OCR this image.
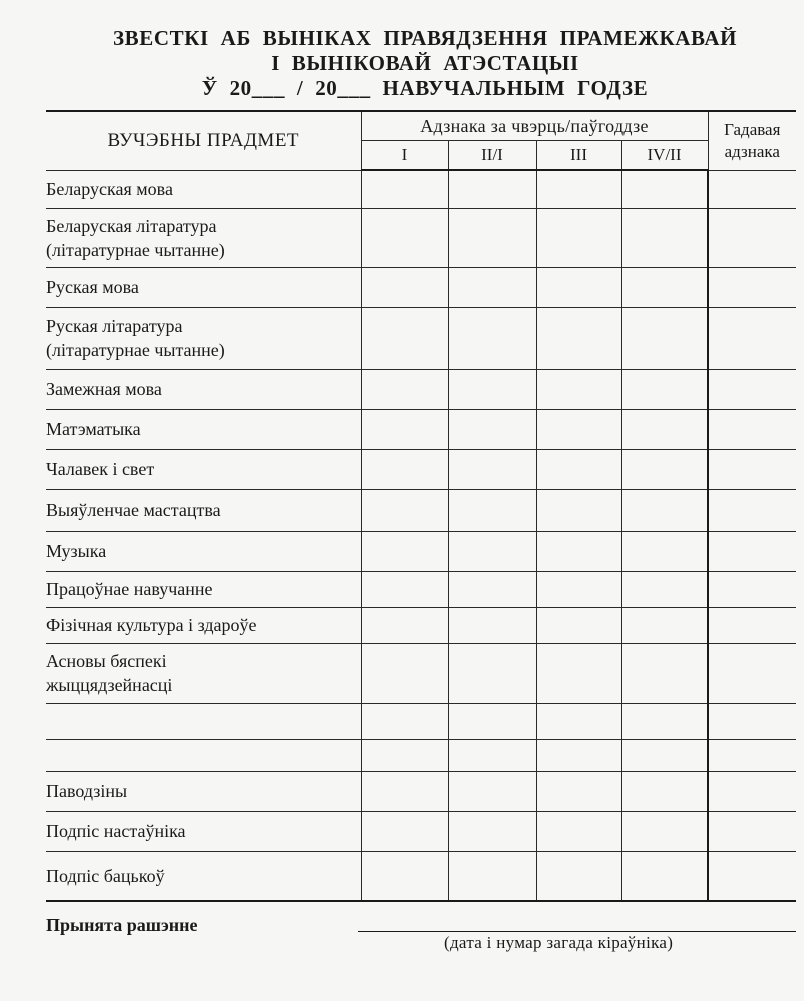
ЗВЕСТКІ АБ ВЫНІКАХ ПРАВЯДЗЕННЯ ПРАМЕЖКАВАЙ
І ВЫНІКОВАЙ АТЭСТАЦЫІ
Ў 20___ / 20___ НАВУЧАЛЬНЫМ ГОДЗЕ
ВУЧЭБНЫ ПРАДМЕТ	Адзнака за чвэрць/паўгоддзе				Гадавая
адзнака

	I	II/I	III	IV/II	

Беларуская мова					

Беларуская літаратура
(літаратурнае чытанне)					

Руская мова					

Руская літаратура
(літаратурнае чытанне)					

Замежная мова					

Матэматыка					

Чалавек і свет					

Выяўленчае мастацтва					

Музыка					

Працоўнае навучанне					

Фізічная культура і здароўе					

Асновы бяспекі
жыццядзейнасці					

Паводзіны					

Подпіс настаўніка					

Подпіс бацькоў					

Прынята рашэнне
(дата і нумар загада кіраўніка)
